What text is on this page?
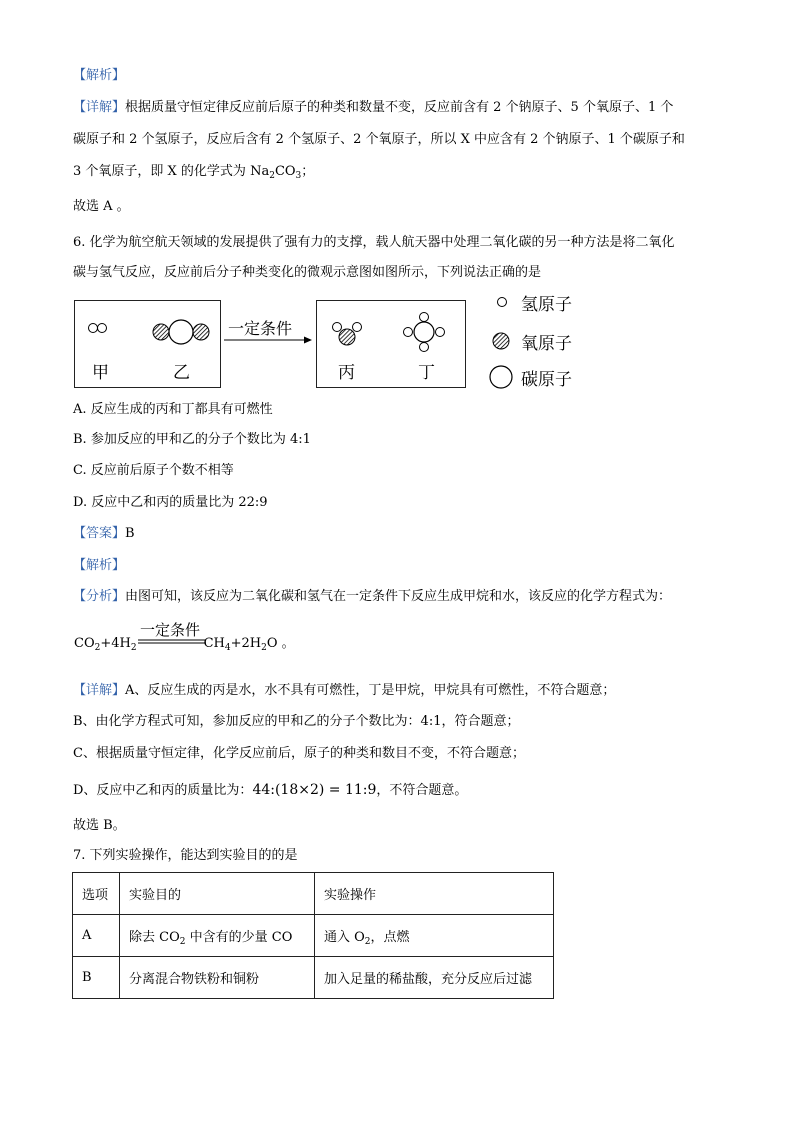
【解析】
【详解】根据质量守恒定律反应前后原子的种类和数量不变，反应前含有 2 个钠原子、5 个氧原子、1 个
碳原子和 2 个氢原子，反应后含有 2 个氢原子、2 个氧原子，所以 X 中应含有 2 个钠原子、1 个碳原子和
3 个氧原子，即 X 的化学式为 $Na_2CO_3$；
故选 A 。
6. 化学为航空航天领域的发展提供了强有力的支撑，载人航天器中处理二氧化碳的另一种方法是将二氧化
碳与氢气反应，反应前后分子种类变化的微观示意图如图所示，下列说法正确的是
一定条件
甲	乙	丙	丁
氢原子
氧原子
碳原子
A. 反应生成的丙和丁都具有可燃性
B. 参加反应的甲和乙的分子个数比为 4:1
C. 反应前后原子个数不相等
D. 反应中乙和丙的质量比为 22:9
【答案】B
【解析】
【分析】由图可知，该反应为二氧化碳和氢气在一定条件下反应生成甲烷和水，该反应的化学方程式为：
$CO_2+4H_2$	$CH_4+2H_2O$ 。
一定条件
【详解】A、反应生成的丙是水，水不具有可燃性，丁是甲烷，甲烷具有可燃性，不符合题意；
B、由化学方程式可知，参加反应的甲和乙的分子个数比为：4:1，符合题意；
C、根据质量守恒定律，化学反应前后，原子的种类和数目不变，不符合题意；
D、反应中乙和丙的质量比为：44:(18×2) = 11:9，不符合题意。
故选 B。
7. 下列实验操作，能达到实验目的的是
选项	实验目的	实验操作
A	除去 $CO_2$ 中含有的少量 CO	通入 $O_2$，点燃
B	分离混合物铁粉和铜粉	加入足量的稀盐酸，充分反应后过滤
